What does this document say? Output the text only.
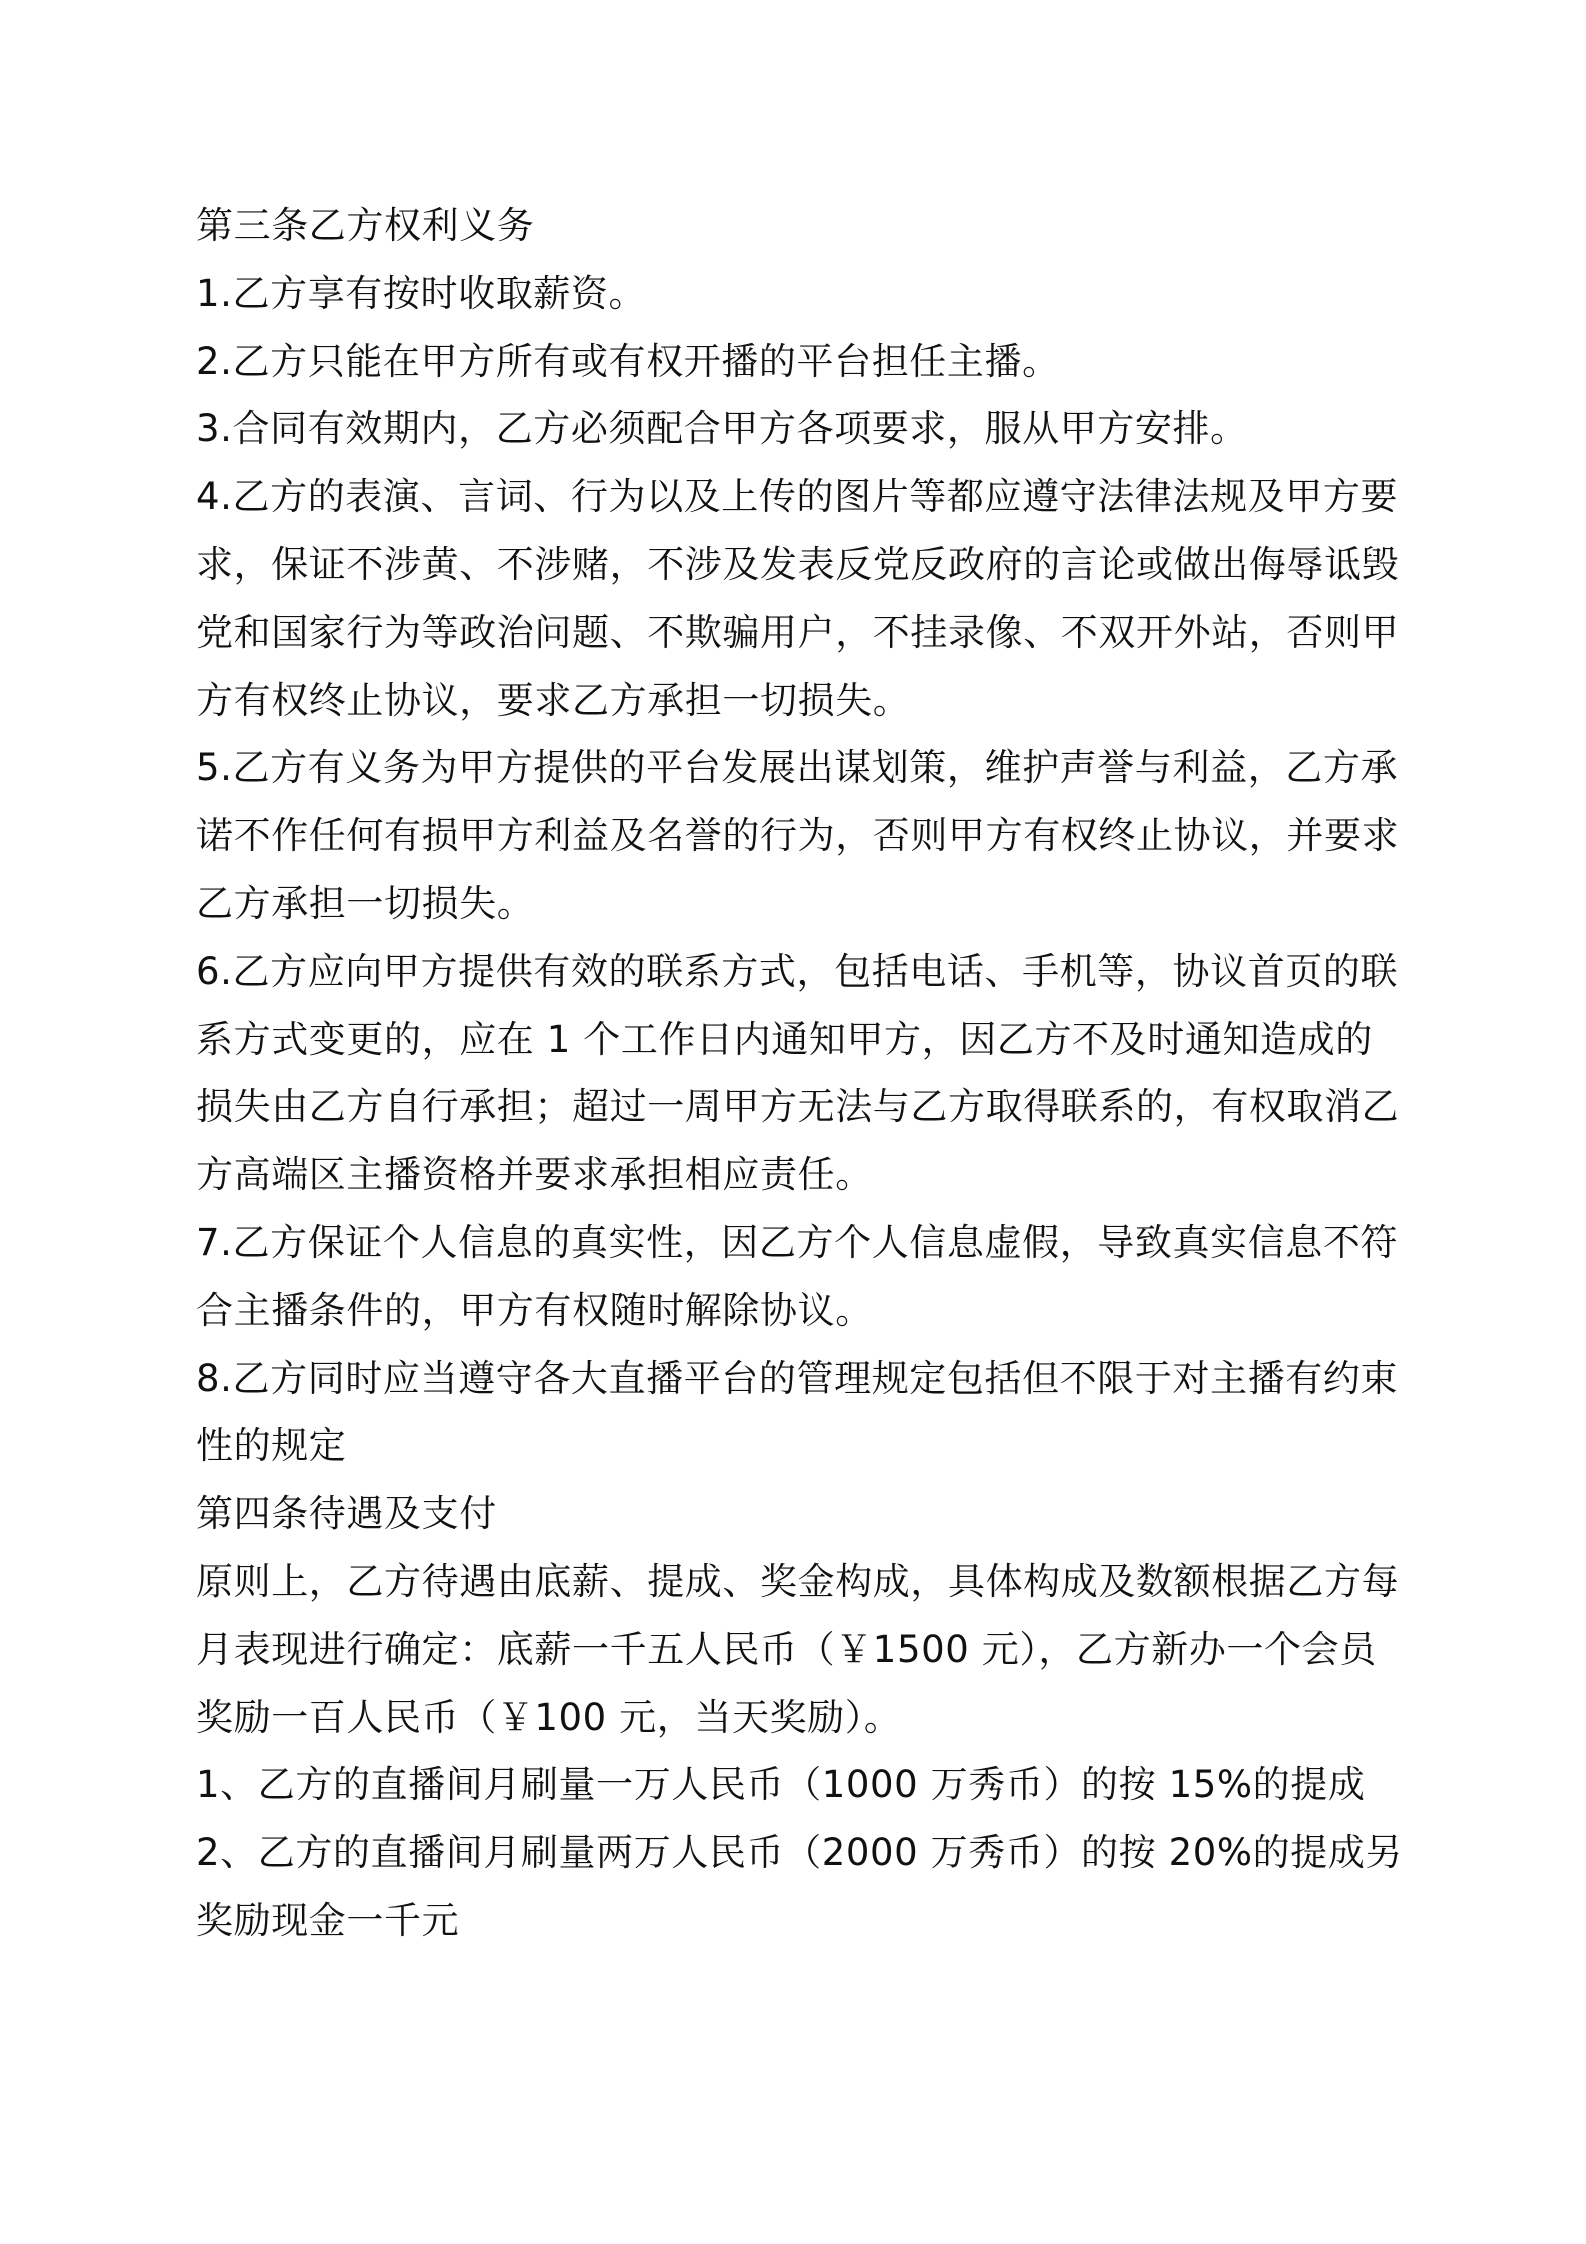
第三条乙方权利义务

1.乙方享有按时收取薪资。

2.乙方只能在甲方所有或有权开播的平台担任主播。

3.合同有效期内，乙方必须配合甲方各项要求，服从甲方安排。

4.乙方的表演、言词、行为以及上传的图片等都应遵守法律法规及甲方要求，保证不涉黄、不涉赌，不涉及发表反党反政府的言论或做出侮辱诋毁党和国家行为等政治问题、不欺骗用户，不挂录像、不双开外站，否则甲方有权终止协议，要求乙方承担一切损失。

5.乙方有义务为甲方提供的平台发展出谋划策，维护声誉与利益，乙方承诺不作任何有损甲方利益及名誉的行为，否则甲方有权终止协议，并要求乙方承担一切损失。

6.乙方应向甲方提供有效的联系方式，包括电话、手机等，协议首页的联系方式变更的，应在 1 个工作日内通知甲方，因乙方不及时通知造成的损失由乙方自行承担；超过一周甲方无法与乙方取得联系的，有权取消乙方高端区主播资格并要求承担相应责任。

7.乙方保证个人信息的真实性，因乙方个人信息虚假，导致真实信息不符合主播条件的，甲方有权随时解除协议。

8.乙方同时应当遵守各大直播平台的管理规定包括但不限于对主播有约束性的规定

第四条待遇及支付

原则上，乙方待遇由底薪、提成、奖金构成，具体构成及数额根据乙方每月表现进行确定：底薪一千五人民币（￥1500 元），乙方新办一个会员奖励一百人民币（￥100 元，当天奖励）。

1、乙方的直播间月刷量一万人民币（1000 万秀币）的按 15%的提成

2、乙方的直播间月刷量两万人民币（2000 万秀币）的按 20%的提成另奖励现金一千元
